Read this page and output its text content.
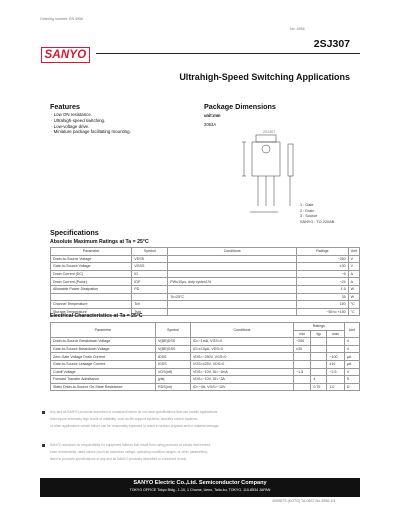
Ordering number: EN 4956
No. 4956
2SJ307
SANYO
Ultrahigh-Speed Switching Applications
Features
· Low ON resistance.
· Ultrahigh-speed switching.
· Low-voltage drive.
· Miniature package facilitating mounting.
Package Dimensions
unit:mm
2063A
2SJ307
1 : Gate
2 : Drain
3 : Source
SANYO : TO-220AB
Specifications
Absolute Maximum Ratings at Ta = 25°C
Parameter	Symbol	Conditions	Ratings	Unit
Drain-to-Source Voltage	VDSS		−250	V
Gate-to-Source Voltage	VGSS		±30	V
Drain Current (DC)	ID		−6	A
Drain Current (Pulse)	IDP	PW≤10μs, duty cycle≤1%	−24	A
Allowable Power Dissipation	PD		1.5	W
		Tc=25°C	35	W
Channel Temperature	Tch		150	°C
Storage Temperature	Tstg		−55 to +150	°C
Electrical Characteristics at Ta = 25°C
Parameter	Symbol	Conditions	Ratings			Unit
			min	typ	max	
Drain-to-Source Breakdown Voltage	V(BR)DSS	ID=−1mA, VGS=0	−250			V
Gate-to-Source Breakdown Voltage	V(BR)GSS	IG=±10μA, VDS=0	±30			V
Zero-Gate Voltage Drain Current	IDSS	VDS=−250V, VGS=0			−100	μA
Gate-to-Source Leakage Current	IGSS	VGS=±25V, VDS=0			±10	μA
Cutoff Voltage	VGS(off)	VDS=−10V, ID=−1mA	−1.5		−2.5	V
Forward Transfer Admittance	|yfs|	VDS=−10V, ID=−3A		4		S
Static Drain-to-Source On-State Resistance	RDS(on)	ID=−3A, VGS=−10V		0.75	1.0	Ω
Any and all SANYO products described or contained herein do not have specifications that can handle applications
that require extremely high levels of reliability, such as life-support systems, aircraft's control systems,
or other applications whose failure can be reasonably expected to result in serious physical and/or material damage.
SANYO assumes no responsibility for equipment failures that result from using products at values that exceed,
even momentarily, rated values (such as maximum ratings, operating condition ranges, or other parameters)
listed in products specifications of any and all SANYO products described or contained herein.
SANYO Electric Co.,Ltd. Semiconductor Company
TOKYO OFFICE Tokyo Bldg., 1-10, 1 Chome, Ueno, Taito-ku, TOKYO, 110-8534 JAPAN
40998TS (KOTO) TA-0837 No.4956-1/4
